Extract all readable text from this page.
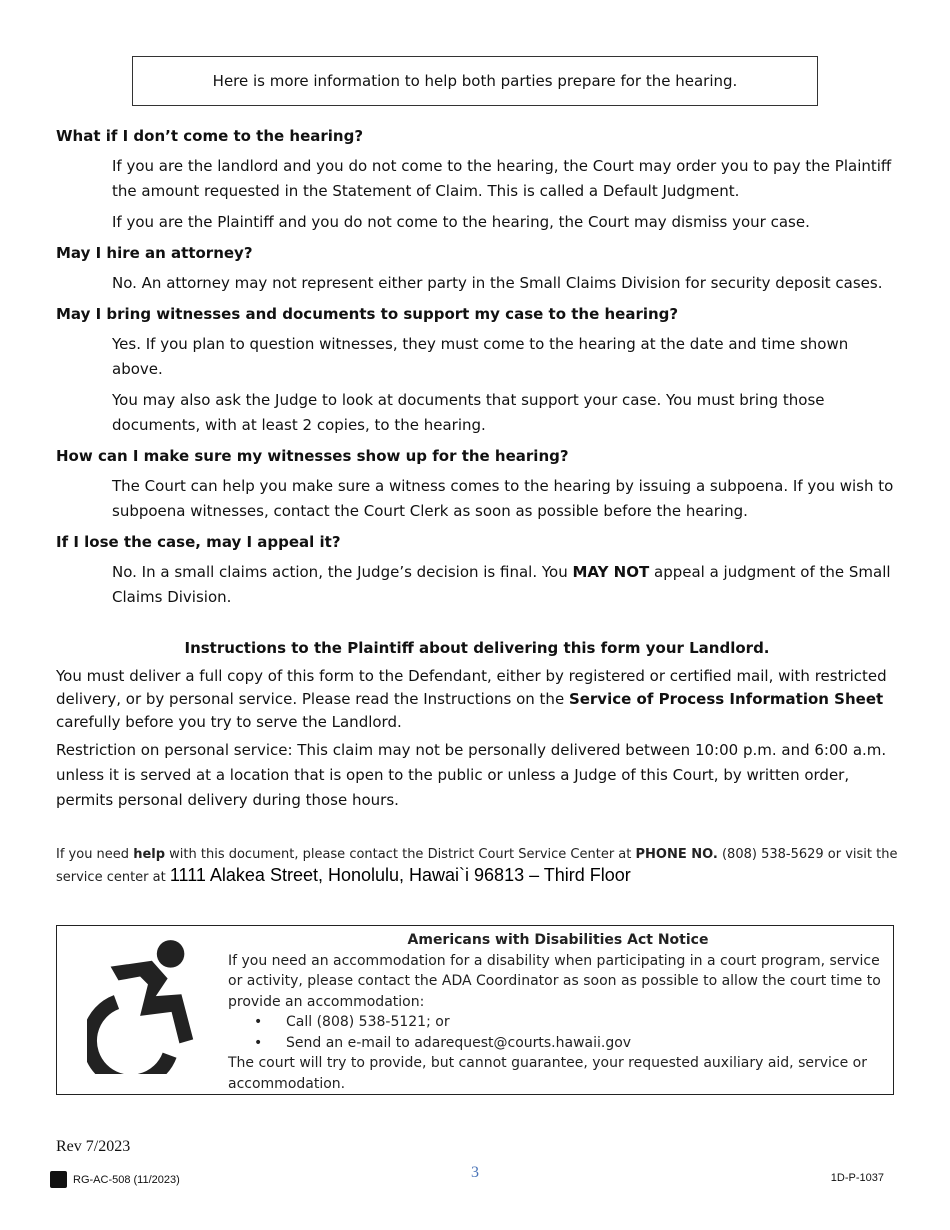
Here is more information to help both parties prepare for the hearing.
What if I don’t come to the hearing?
If you are the landlord and you do not come to the hearing, the Court may order you to pay the Plaintiff the amount requested in the Statement of Claim. This is called a Default Judgment.
If you are the Plaintiff and you do not come to the hearing, the Court may dismiss your case.
May I hire an attorney?
No. An attorney may not represent either party in the Small Claims Division for security deposit cases.
May I bring witnesses and documents to support my case to the hearing?
Yes. If you plan to question witnesses, they must come to the hearing at the date and time shown above.
You may also ask the Judge to look at documents that support your case. You must bring those documents, with at least 2 copies, to the hearing.
How can I make sure my witnesses show up for the hearing?
The Court can help you make sure a witness comes to the hearing by issuing a subpoena. If you wish to subpoena witnesses, contact the Court Clerk as soon as possible before the hearing.
If I lose the case, may I appeal it?
No. In a small claims action, the Judge’s decision is final. You MAY NOT appeal a judgment of the Small Claims Division.
Instructions to the Plaintiff about delivering this form your Landlord.
You must deliver a full copy of this form to the Defendant, either by registered or certified mail, with restricted delivery, or by personal service. Please read the Instructions on the Service of Process Information Sheet carefully before you try to serve the Landlord.
Restriction on personal service: This claim may not be personally delivered between 10:00 p.m. and 6:00 a.m. unless it is served at a location that is open to the public or unless a Judge of this Court, by written order, permits personal delivery during those hours.
If you need help with this document, please contact the District Court Service Center at PHONE NO. (808) 538-5629 or visit the service center at 1111 Alakea Street, Honolulu, Hawai`i 96813 – Third Floor
Americans with Disabilities Act Notice
If you need an accommodation for a disability when participating in a court program, service or activity, please contact the ADA Coordinator as soon as possible to allow the court time to provide an accommodation:
• Call (808) 538-5121; or
• Send an e-mail to adarequest@courts.hawaii.gov
The court will try to provide, but cannot guarantee, your requested auxiliary aid, service or accommodation.
Rev 7/2023
RG-AC-508 (11/2023)	3	1D-P-1037
